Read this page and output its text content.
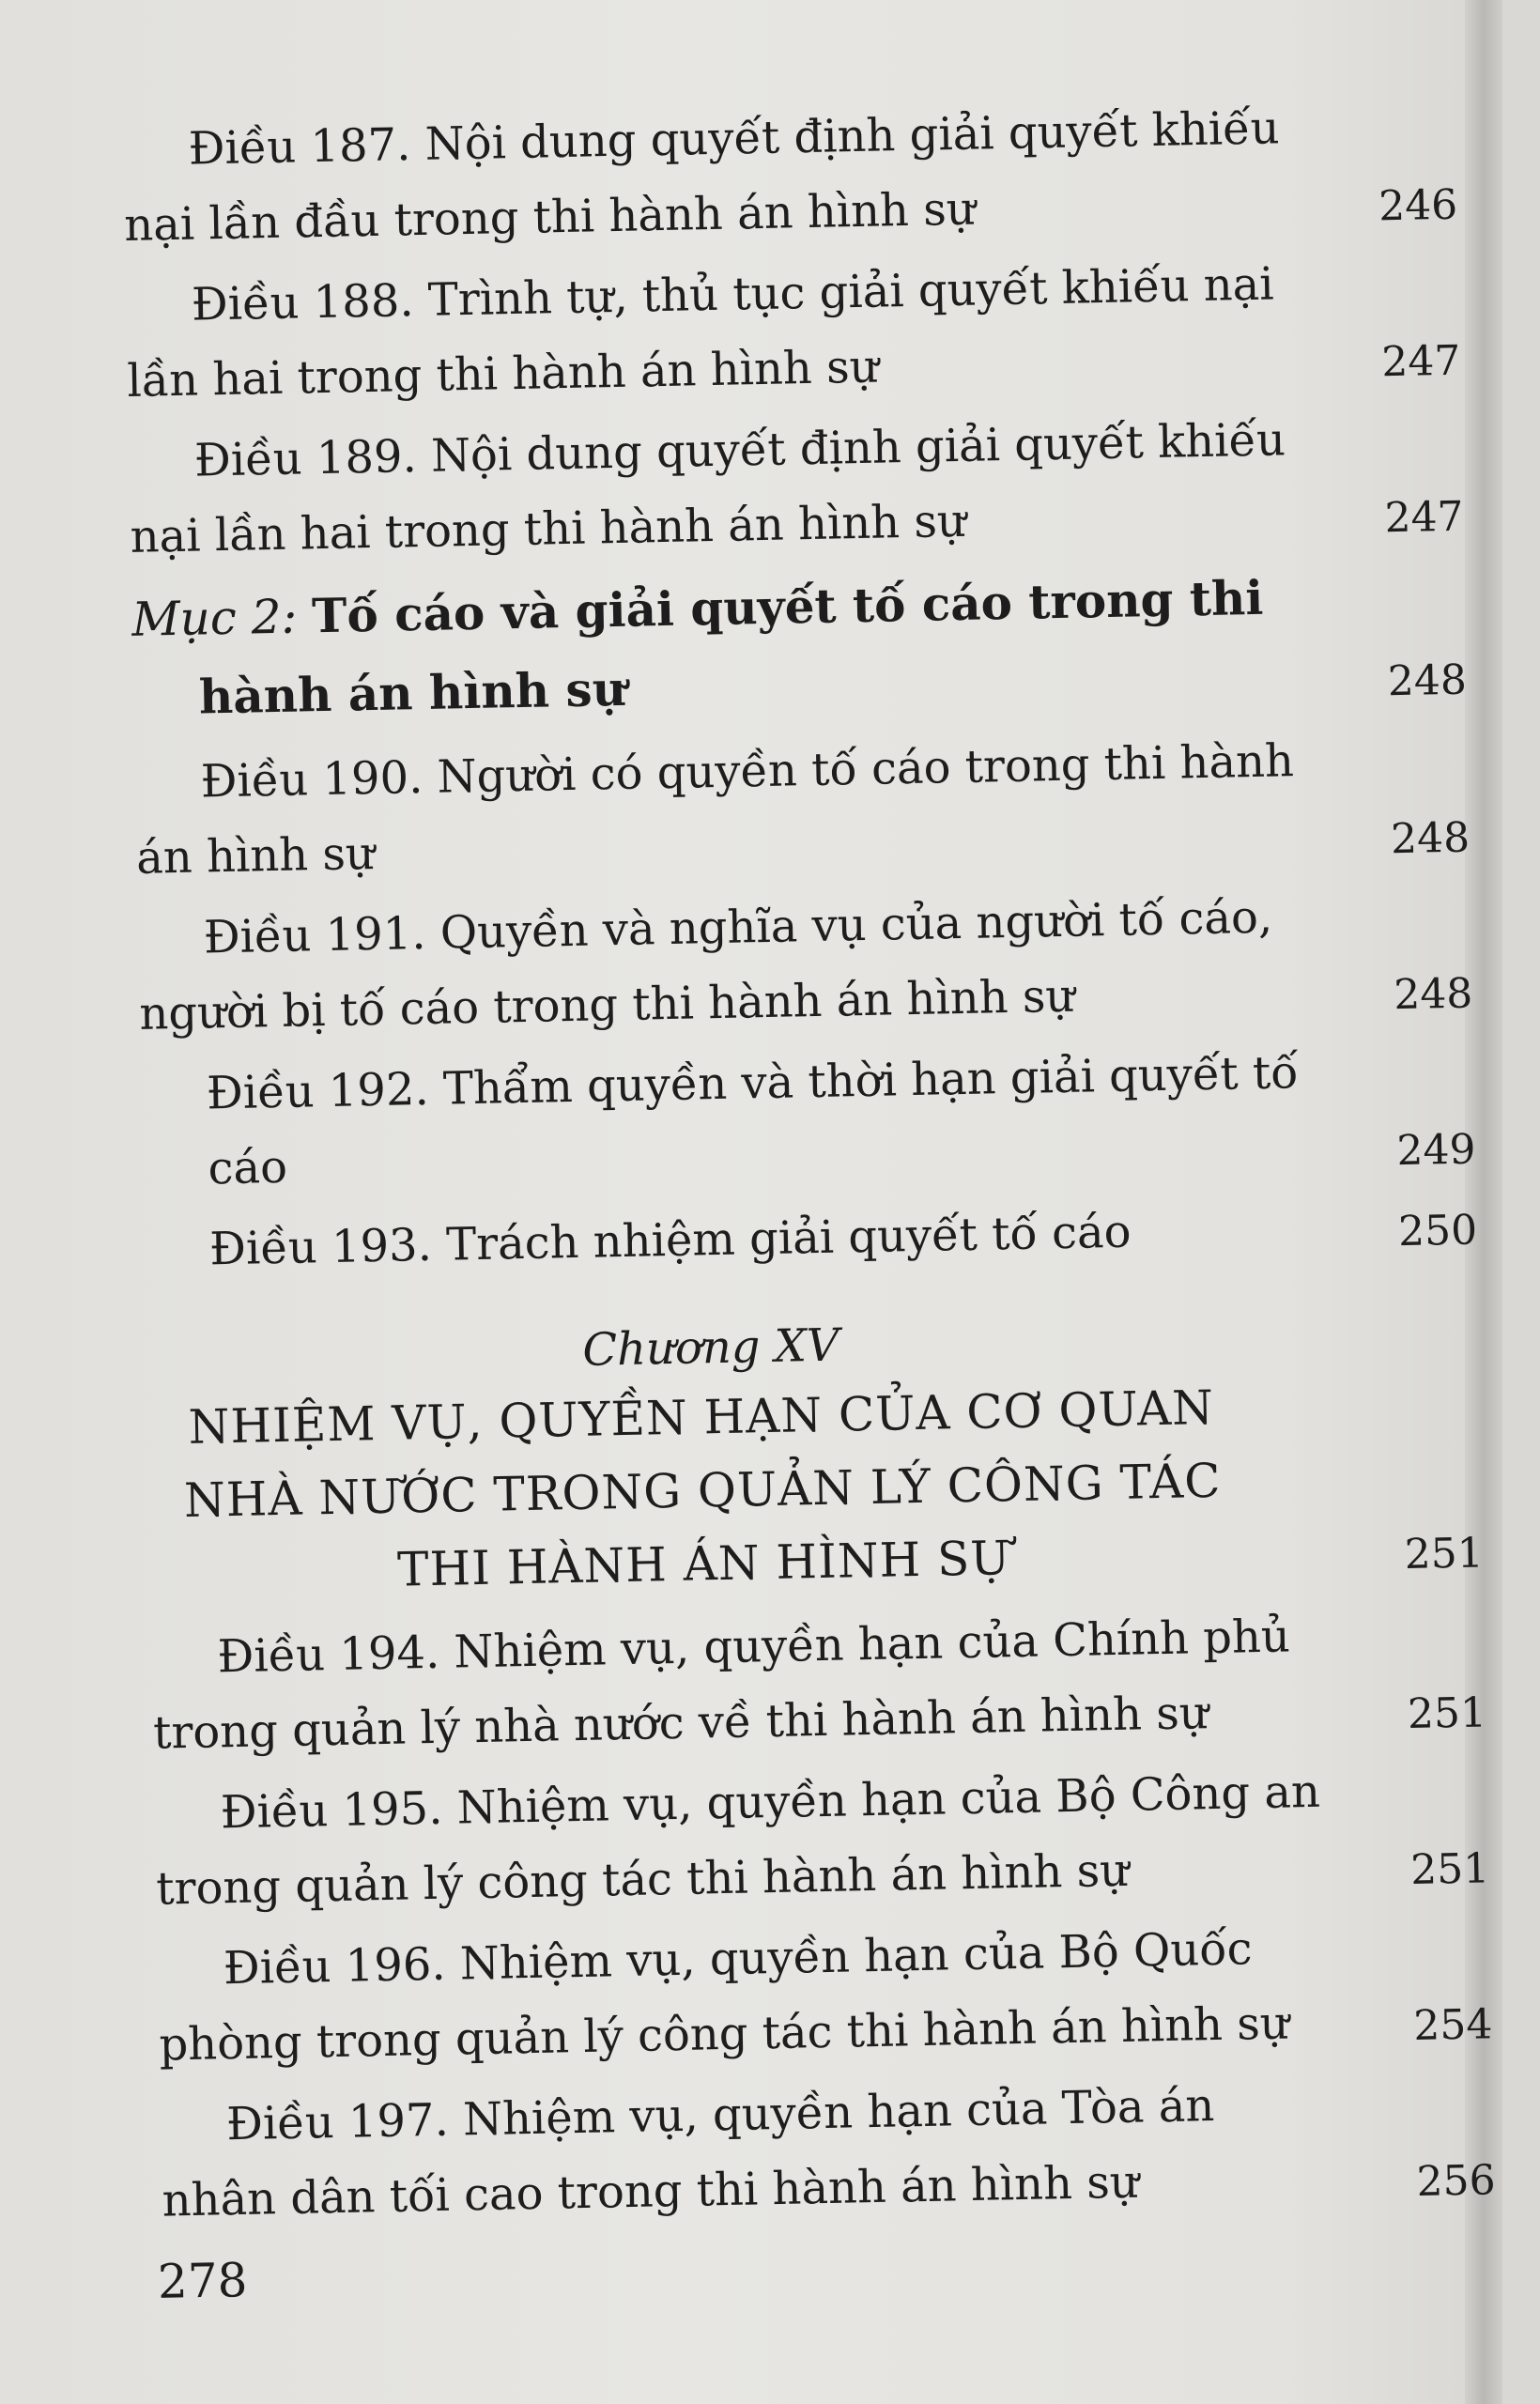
Điều 187. Nội dung quyết định giải quyết khiếu
nại lần đầu trong thi hành án hình sự	246
Điều 188. Trình tự, thủ tục giải quyết khiếu nại
lần hai trong thi hành án hình sự	247
Điều 189. Nội dung quyết định giải quyết khiếu
nại lần hai trong thi hành án hình sự	247
Mục 2: Tố cáo và giải quyết tố cáo trong thi
hành án hình sự	248
Điều 190. Người có quyền tố cáo trong thi hành
án hình sự	248
Điều 191. Quyền và nghĩa vụ của người tố cáo,
người bị tố cáo trong thi hành án hình sự	248
Điều 192. Thẩm quyền và thời hạn giải quyết tố cáo	249
Điều 193. Trách nhiệm giải quyết tố cáo	250
Chương XV
NHIỆM VỤ, QUYỀN HẠN CỦA CƠ QUAN
NHÀ NƯỚC TRONG QUẢN LÝ CÔNG TÁC
THI HÀNH ÁN HÌNH SỰ	251
Điều 194. Nhiệm vụ, quyền hạn của Chính phủ
trong quản lý nhà nước về thi hành án hình sự	251
Điều 195. Nhiệm vụ, quyền hạn của Bộ Công an
trong quản lý công tác thi hành án hình sự	251
Điều 196. Nhiệm vụ, quyền hạn của Bộ Quốc
phòng trong quản lý công tác thi hành án hình sự	254
Điều 197. Nhiệm vụ, quyền hạn của Tòa án
nhân dân tối cao trong thi hành án hình sự	256
278
